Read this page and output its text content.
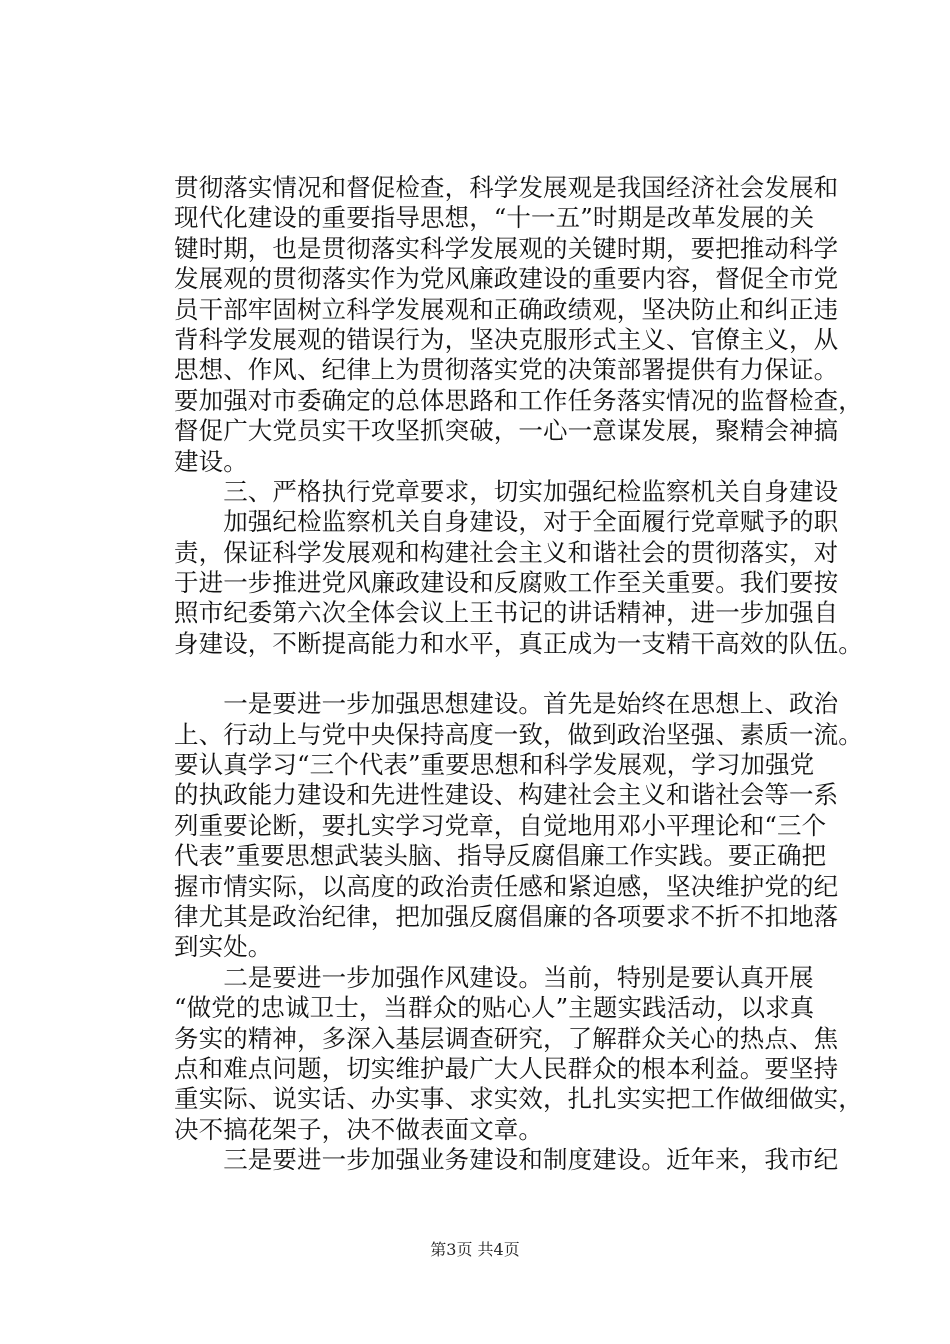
贯彻落实情况和督促检查，科学发展观是我国经济社会发展和
现代化建设的重要指导思想，“十一五”时期是改革发展的关
键时期，也是贯彻落实科学发展观的关键时期，要把推动科学
发展观的贯彻落实作为党风廉政建设的重要内容，督促全市党
员干部牢固树立科学发展观和正确政绩观，坚决防止和纠正违
背科学发展观的错误行为，坚决克服形式主义、官僚主义，从
思想、作风、纪律上为贯彻落实党的决策部署提供有力保证。
要加强对市委确定的总体思路和工作任务落实情况的监督检查，
督促广大党员实干攻坚抓突破，一心一意谋发展，聚精会神搞
建设。
　　三、严格执行党章要求，切实加强纪检监察机关自身建设
　　加强纪检监察机关自身建设，对于全面履行党章赋予的职
责，保证科学发展观和构建社会主义和谐社会的贯彻落实，对
于进一步推进党风廉政建设和反腐败工作至关重要。我们要按
照市纪委第六次全体会议上王书记的讲话精神，进一步加强自
身建设，不断提高能力和水平，真正成为一支精干高效的队伍。
　　一是要进一步加强思想建设。首先是始终在思想上、政治
上、行动上与党中央保持高度一致，做到政治坚强、素质一流。
要认真学习“三个代表”重要思想和科学发展观，学习加强党
的执政能力建设和先进性建设、构建社会主义和谐社会等一系
列重要论断，要扎实学习党章，自觉地用邓小平理论和“三个
代表”重要思想武装头脑、指导反腐倡廉工作实践。要正确把
握市情实际，以高度的政治责任感和紧迫感，坚决维护党的纪
律尤其是政治纪律，把加强反腐倡廉的各项要求不折不扣地落
到实处。
　　二是要进一步加强作风建设。当前，特别是要认真开展
“做党的忠诚卫士，当群众的贴心人”主题实践活动，以求真
务实的精神，多深入基层调查研究，了解群众关心的热点、焦
点和难点问题，切实维护最广大人民群众的根本利益。要坚持
重实际、说实话、办实事、求实效，扎扎实实把工作做细做实，
决不搞花架子，决不做表面文章。
　　三是要进一步加强业务建设和制度建设。近年来，我市纪
第3页 共4页
